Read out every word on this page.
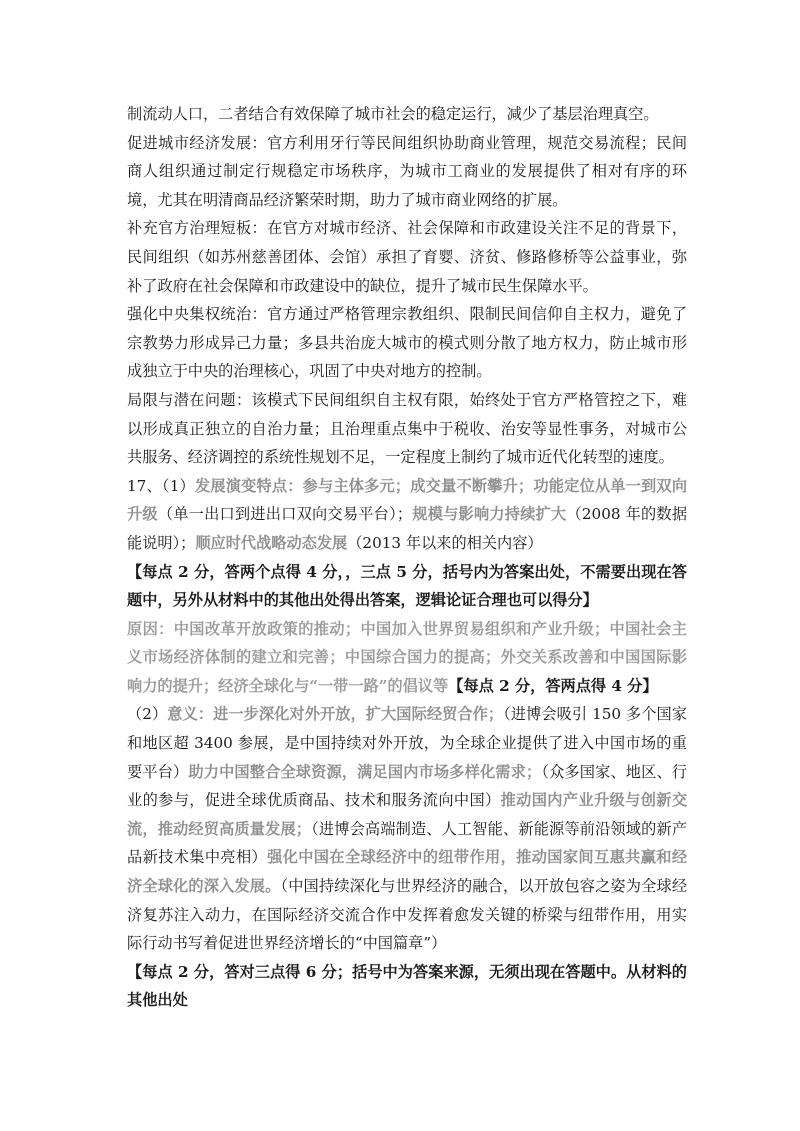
制流动人口，二者结合有效保障了城市社会的稳定运行，减少了基层治理真空。

促进城市经济发展：官方利用牙行等民间组织协助商业管理，规范交易流程；民间商人组织通过制定行规稳定市场秩序，为城市工商业的发展提供了相对有序的环境，尤其在明清商品经济繁荣时期，助力了城市商业网络的扩展。

补充官方治理短板：在官方对城市经济、社会保障和市政建设关注不足的背景下，民间组织（如苏州慈善团体、会馆）承担了育婴、济贫、修路修桥等公益事业，弥补了政府在社会保障和市政建设中的缺位，提升了城市民生保障水平。

强化中央集权统治：官方通过严格管理宗教组织、限制民间信仰自主权力，避免了宗教势力形成异己力量；多县共治庞大城市的模式则分散了地方权力，防止城市形成独立于中央的治理核心，巩固了中央对地方的控制。

局限与潜在问题：该模式下民间组织自主权有限，始终处于官方严格管控之下，难以形成真正独立的自治力量；且治理重点集中于税收、治安等显性事务，对城市公共服务、经济调控的系统性规划不足，一定程度上制约了城市近代化转型的速度。

17、（1）发展演变特点：参与主体多元；成交量不断攀升；功能定位从单一到双向升级（单一出口到进出口双向交易平台）；规模与影响力持续扩大（2008 年的数据能说明）；顺应时代战略动态发展（2013 年以来的相关内容）

【每点 2 分，答两个点得 4 分，，三点 5 分，括号内为答案出处，不需要出现在答题中，另外从材料中的其他出处得出答案，逻辑论证合理也可以得分】

原因：中国改革开放政策的推动；中国加入世界贸易组织和产业升级；中国社会主义市场经济体制的建立和完善；中国综合国力的提高；外交关系改善和中国国际影响力的提升；经济全球化与“一带一路”的倡议等【每点 2 分，答两点得 4 分】

（2）意义：进一步深化对外开放，扩大国际经贸合作；（进博会吸引 150 多个国家和地区超 3400 参展，是中国持续对外开放，为全球企业提供了进入中国市场的重要平台）助力中国整合全球资源，满足国内市场多样化需求；（众多国家、地区、行业的参与，促进全球优质商品、技术和服务流向中国）推动国内产业升级与创新交流，推动经贸高质量发展；（进博会高端制造、人工智能、新能源等前沿领域的新产品新技术集中亮相）强化中国在全球经济中的纽带作用，推动国家间互惠共赢和经济全球化的深入发展。（中国持续深化与世界经济的融合，以开放包容之姿为全球经济复苏注入动力，在国际经济交流合作中发挥着愈发关键的桥梁与纽带作用，用实际行动书写着促进世界经济增长的“中国篇章”）

【每点 2 分，答对三点得 6 分；括号中为答案来源，无须出现在答题中。从材料的其他出处
